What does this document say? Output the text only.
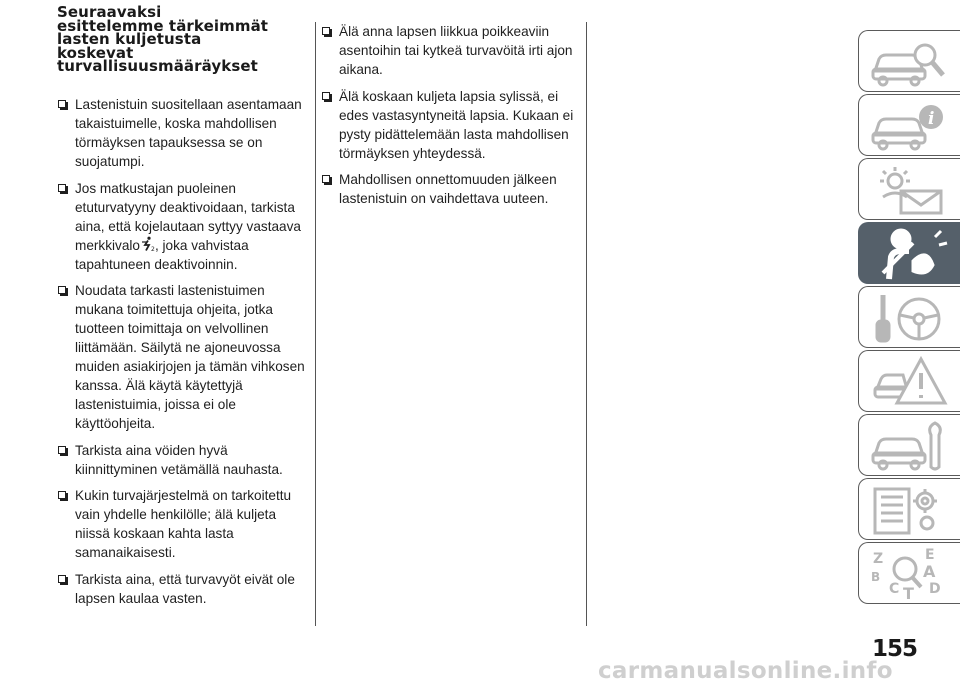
Seuraavaksi
esittelemme tärkeimmät
lasten kuljetusta
koskevat
turvallisuusmääräykset

Lastenistuin suositellaan asentamaan takaistuimelle, koska mahdollisen törmäyksen tapauksessa se on suojatumpi.

Jos matkustajan puoleinen etuturvatyyny deaktivoidaan, tarkista aina, että kojelautaan syttyy vastaava merkkivalo 2 , joka vahvistaa tapahtuneen deaktivoinnin.

Noudata tarkasti lastenistuimen mukana toimitettuja ohjeita, jotka tuotteen toimittaja on velvollinen liittämään. Säilytä ne ajoneuvossa muiden asiakirjojen ja tämän vihkosen kanssa. Älä käytä käytettyjä lastenistuimia, joissa ei ole käyttöohjeita.

Tarkista aina vöiden hyvä kiinnittyminen vetämällä nauhasta.

Kukin turvajärjestelmä on tarkoitettu vain yhdelle henkilölle; älä kuljeta niissä koskaan kahta lasta samanaikaisesti.

Tarkista aina, että turvavyöt eivät ole lapsen kaulaa vasten.

Älä anna lapsen liikkua poikkeaviin asentoihin tai kytkeä turvavöitä irti ajon aikana.

Älä koskaan kuljeta lapsia sylissä, ei edes vastasyntyneitä lapsia. Kukaan ei pysty pidättelemään lasta mahdollisen törmäyksen yhteydessä.

Mahdollisen onnettomuuden jälkeen lastenistuin on vaihdettava uuteen.

i
Z	E
A
B
C T D
155
carmanualsonline.info
